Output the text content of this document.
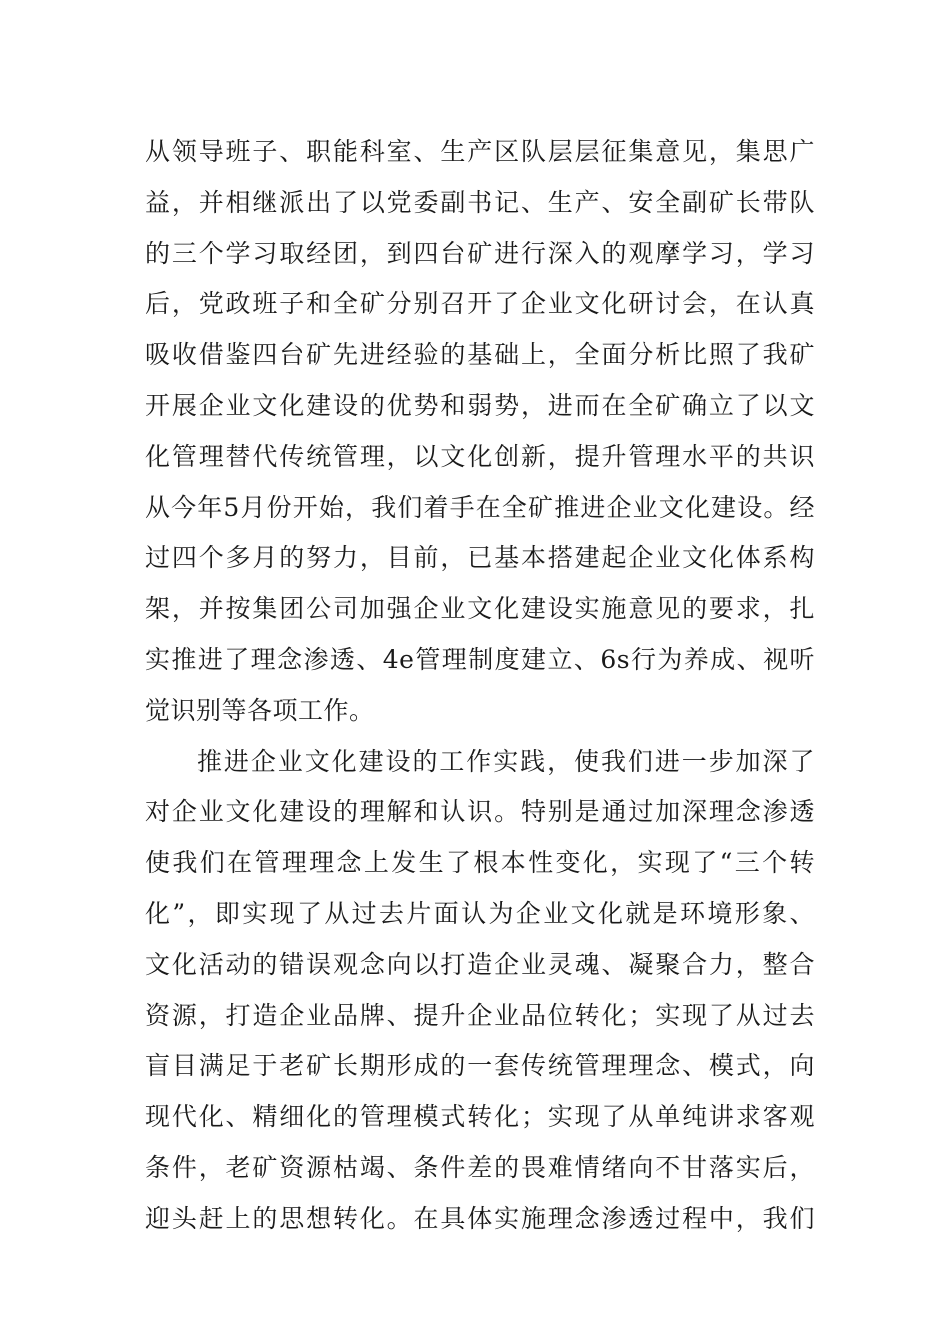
从领导班子、职能科室、生产区队层层征集意见，集思广
益，并相继派出了以党委副书记、生产、安全副矿长带队
的三个学习取经团，到四台矿进行深入的观摩学习，学习
后，党政班子和全矿分别召开了企业文化研讨会，在认真
吸收借鉴四台矿先进经验的基础上，全面分析比照了我矿
开展企业文化建设的优势和弱势，进而在全矿确立了以文
化管理替代传统管理，以文化创新，提升管理水平的共识
从今年5月份开始，我们着手在全矿推进企业文化建设。经
过四个多月的努力，目前，已基本搭建起企业文化体系构
架，并按集团公司加强企业文化建设实施意见的要求，扎
实推进了理念渗透、4e管理制度建立、6s行为养成、视听
觉识别等各项工作。
推进企业文化建设的工作实践，使我们进一步加深了
对企业文化建设的理解和认识。特别是通过加深理念渗透
使我们在管理理念上发生了根本性变化，实现了“三个转
化”，即实现了从过去片面认为企业文化就是环境形象、
文化活动的错误观念向以打造企业灵魂、凝聚合力，整合
资源，打造企业品牌、提升企业品位转化；实现了从过去
盲目满足于老矿长期形成的一套传统管理理念、模式，向
现代化、精细化的管理模式转化；实现了从单纯讲求客观
条件，老矿资源枯竭、条件差的畏难情绪向不甘落实后，
迎头赶上的思想转化。在具体实施理念渗透过程中，我们
